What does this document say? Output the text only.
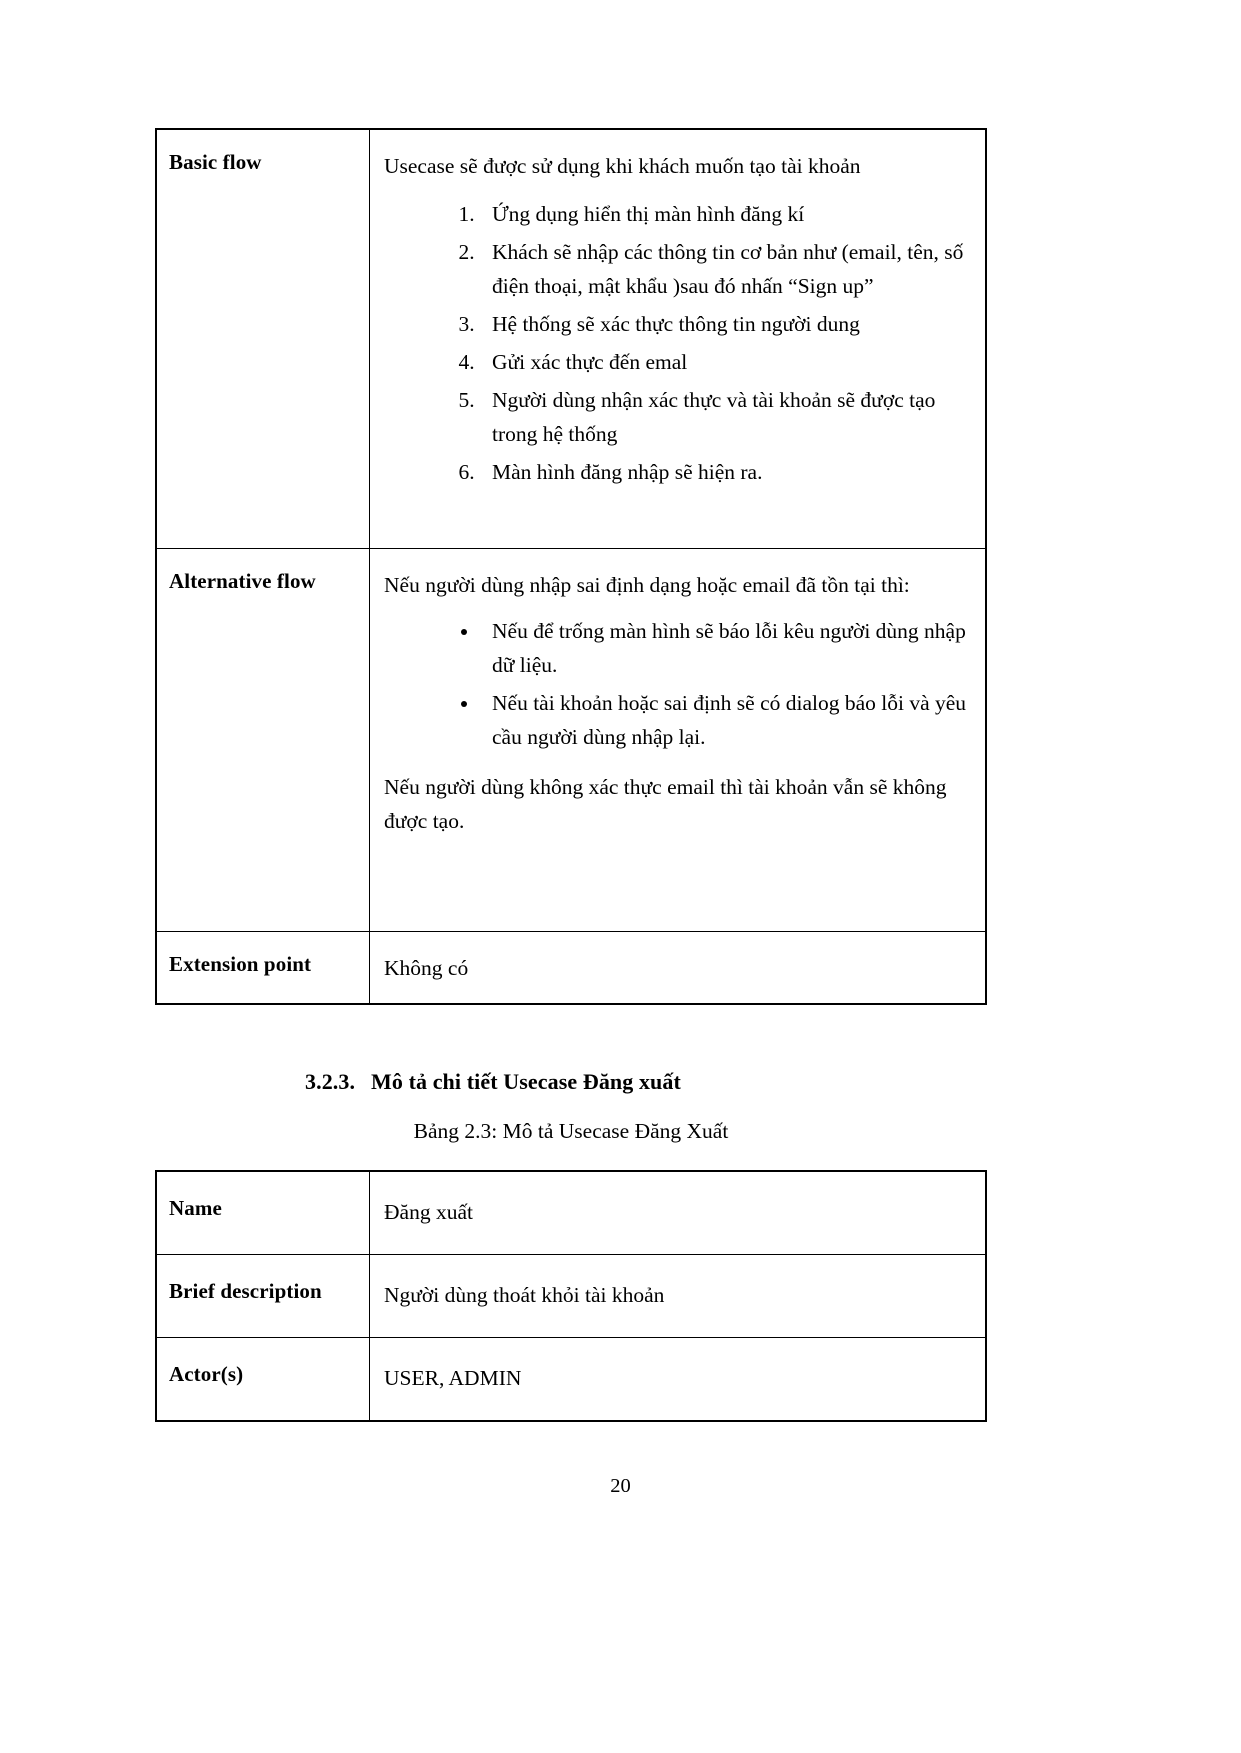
Basic flow	Usecase sẽ được sử dụng khi khách muốn tạo tài khoản

1. Ứng dụng hiển thị màn hình đăng kí
2. Khách sẽ nhập các thông tin cơ bản như (email, tên, số điện thoại, mật khẩu )sau đó nhấn “Sign up”
3. Hệ thống sẽ xác thực thông tin người dung
4. Gửi xác thực đến emal
5. Người dùng nhận xác thực và tài khoản sẽ được tạo trong hệ thống
6. Màn hình đăng nhập sẽ hiện ra.

Alternative flow	Nếu người dùng nhập sai định dạng hoặc email đã tồn tại thì:

• Nếu để trống màn hình sẽ báo lỗi kêu người dùng nhập dữ liệu.
• Nếu tài khoản hoặc sai định sẽ có dialog báo lỗi và yêu cầu người dùng nhập lại.

Nếu người dùng không xác thực email thì tài khoản vẫn sẽ không được tạo.

Extension point	Không có
3.2.3. Mô tả chi tiết Usecase Đăng xuất
Bảng 2.3: Mô tả Usecase Đăng Xuất
Name	Đăng xuất
Brief description	Người dùng thoát khỏi tài khoản
Actor(s)	USER, ADMIN
20
